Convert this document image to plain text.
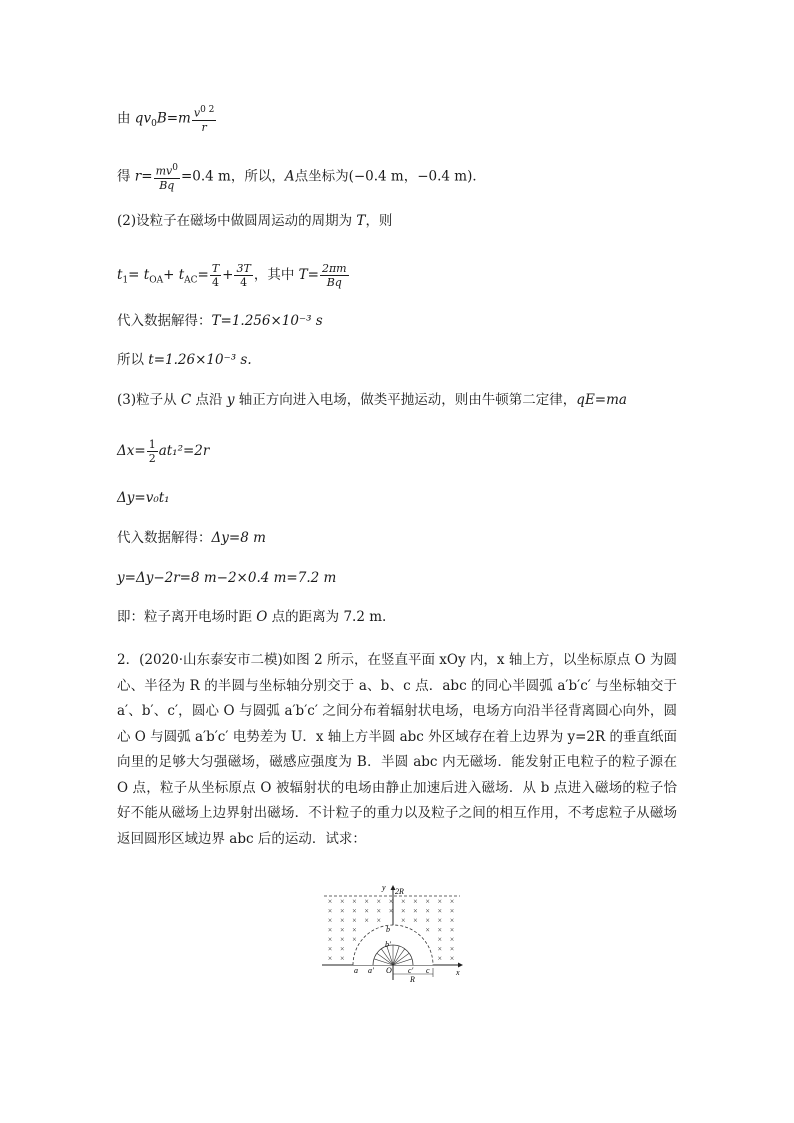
由 $qv_0B=m \frac{v^{0 2}}{r}$
得 $r= \frac{mv^0}{Bq} =0.4$ m，所以，A点坐标为(−0.4 m，−0.4 m)．
(2)设粒子在磁场中做圆周运动的周期为 T，则
$t_1= t_{OA}+ t_{AC}= \frac{T}{4} + \frac{3T}{4}$ ，其中 $T= \frac{2\pi m}{Bq}$
代入数据解得：T=1.256×10⁻³ s
所以 t=1.26×10⁻³ s.
(3)粒子从 C 点沿 y 轴正方向进入电场，做类平抛运动，则由牛顿第二定律，qE=ma
$\Delta x= \frac{1}{2} at_1^2=2r$
Δy=v₀t₁
代入数据解得：Δy=8 m
y=Δy−2r=8 m−2×0.4 m=7.2 m
即：粒子离开电场时距 O 点的距离为 7.2 m.
2．(2020·山东泰安市二模)如图 2 所示，在竖直平面 xOy 内，x 轴上方，以坐标原点 O 为圆心、半径为 R 的半圆与坐标轴分别交于 a、b、c 点．abc 的同心半圆弧 a′b′c′ 与坐标轴交于 a′、b′、c′，圆心 O 与圆弧 a′b′c′ 之间分布着辐射状电场，电场方向沿半径背离圆心向外，圆心 O 与圆弧 a′b′c′ 电势差为 U．x 轴上方半圆 abc 外区域存在着上边界为 y=2R 的垂直纸面向里的足够大匀强磁场，磁感应强度为 B．半圆 abc 内无磁场．能发射正电粒子的粒子源在 O 点，粒子从坐标原点 O 被辐射状的电场由静止加速后进入磁场．从 b 点进入磁场的粒子恰好不能从磁场上边界射出磁场．不计粒子的重力以及粒子之间的相互作用，不考虑粒子从磁场返回圆形区域边界 abc 后的运动．试求：
× × × × × × × × × × ×
× × × × × × × × × × ×
× × × × × × × × × ×
× × ×	× × ×
× × ×	× ×
× ×	× ×
× ×	× ×
2R
y
x
O
a a′
b
b′
c
c′
R
